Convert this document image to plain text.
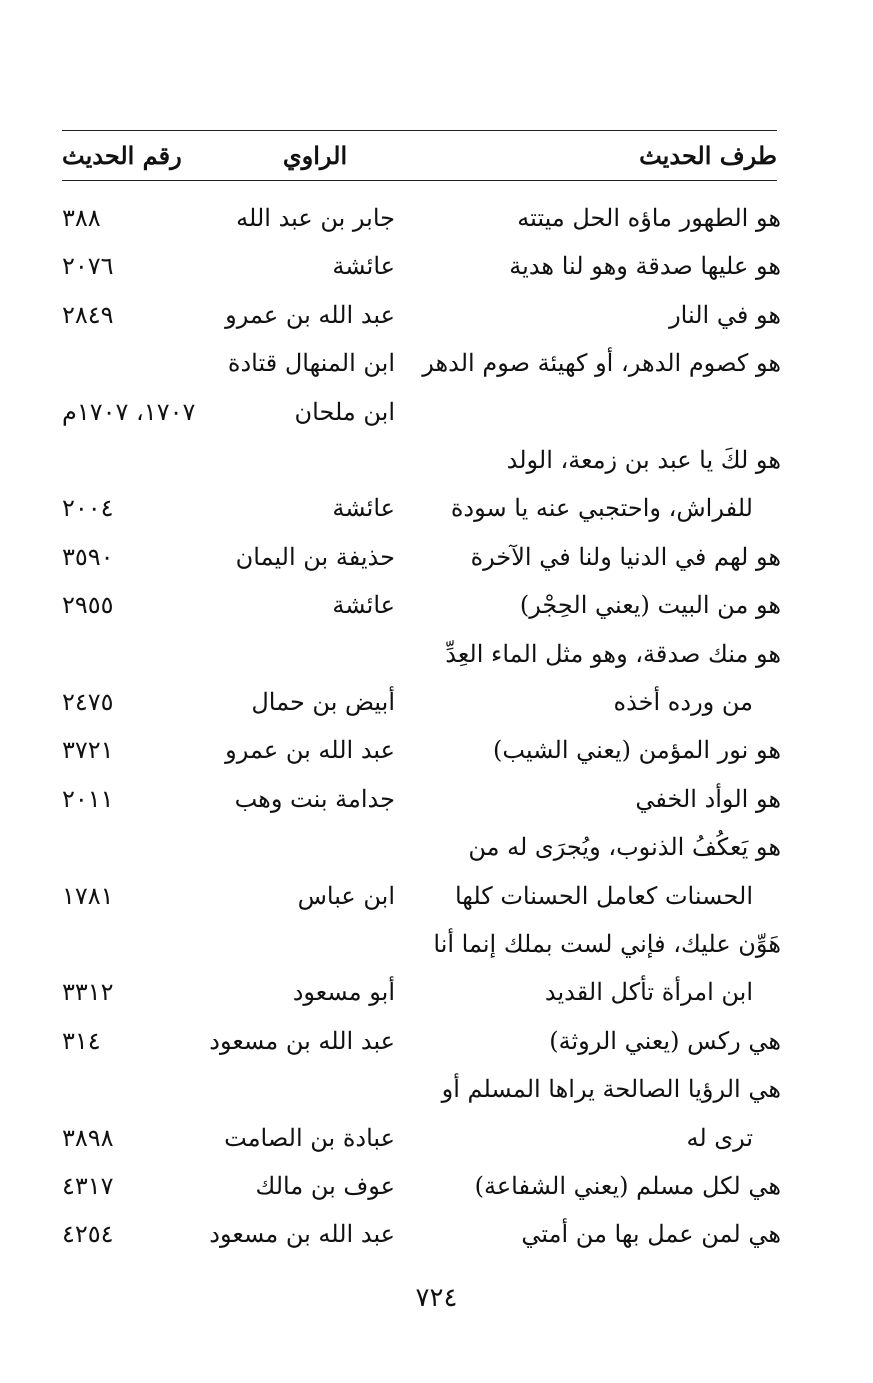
طرف الحديث
الراوي
رقم الحديث
هو الطهور ماؤه الحل ميتته
جابر بن عبد الله
٣٨٨
هو عليها صدقة وهو لنا هدية
عائشة
٢٠٧٦
هو في النار
عبد الله بن عمرو
٢٨٤٩
هو كصوم الدهر، أو كهيئة صوم الدهر
ابن المنهال قتادة
ابن ملحان
١٧٠٧، ١٧٠٧م
هو لكَ يا عبد بن زمعة، الولد
للفراش، واحتجبي عنه يا سودة
عائشة
٢٠٠٤
هو لهم في الدنيا ولنا في الآخرة
حذيفة بن اليمان
٣٥٩٠
هو من البيت (يعني الحِجْر)
عائشة
٢٩٥٥
هو منك صدقة، وهو مثل الماء العِدِّ
من ورده أخذه
أبيض بن حمال
٢٤٧٥
هو نور المؤمن (يعني الشيب)
عبد الله بن عمرو
٣٧٢١
هو الوأد الخفي
جدامة بنت وهب
٢٠١١
هو يَعكُفُ الذنوب، ويُجرَى له من
الحسنات كعامل الحسنات كلها
ابن عباس
١٧٨١
هَوِّن عليك، فإني لست بملك إنما أنا
ابن امرأة تأكل القديد
أبو مسعود
٣٣١٢
هي ركس (يعني الروثة)
عبد الله بن مسعود
٣١٤
هي الرؤيا الصالحة يراها المسلم أو
ترى له
عبادة بن الصامت
٣٨٩٨
هي لكل مسلم (يعني الشفاعة)
عوف بن مالك
٤٣١٧
هي لمن عمل بها من أمتي
عبد الله بن مسعود
٤٢٥٤
٧٢٤
